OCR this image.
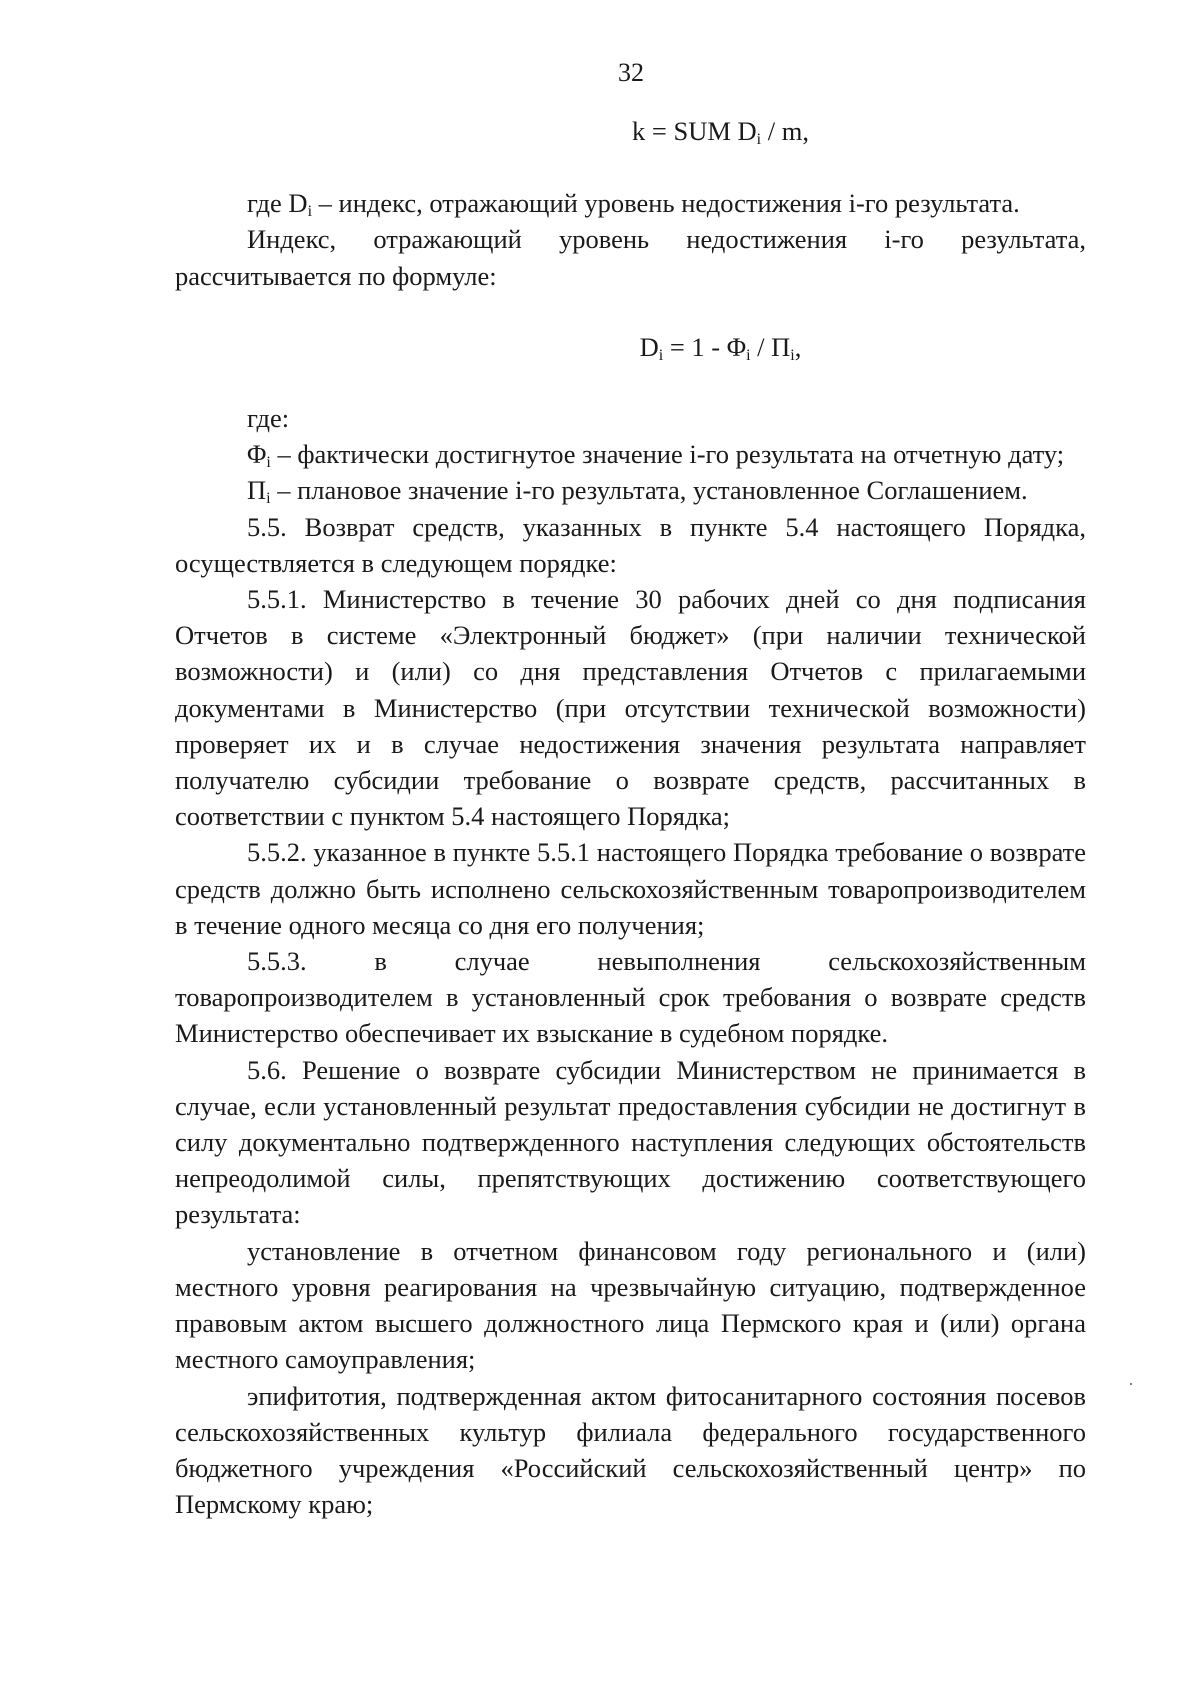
32
k = SUM $D_i$ / m,

где $D_i$ – индекс, отражающий уровень недостижения i-го результата.

Индекс, отражающий уровень недостижения i-го результата, рассчитывается по формуле:

$D_i = 1 - \Phi_i / П_i$,

где:

$\Phi_i$ – фактически достигнутое значение i-го результата на отчетную дату;

$П_i$ – плановое значение i-го результата, установленное Соглашением.

5.5. Возврат средств, указанных в пункте 5.4 настоящего Порядка, осуществляется в следующем порядке:

5.5.1. Министерство в течение 30 рабочих дней со дня подписания Отчетов в системе «Электронный бюджет» (при наличии технической возможности) и (или) со дня представления Отчетов с прилагаемыми документами в Министерство (при отсутствии технической возможности) проверяет их и в случае недостижения значения результата направляет получателю субсидии требование о возврате средств, рассчитанных в соответствии с пунктом 5.4 настоящего Порядка;

5.5.2. указанное в пункте 5.5.1 настоящего Порядка требование о возврате средств должно быть исполнено сельскохозяйственным товаропроизводителем в течение одного месяца со дня его получения;

5.5.3. в случае невыполнения сельскохозяйственным товаропроизводителем в установленный срок требования о возврате средств Министерство обеспечивает их взыскание в судебном порядке.

5.6. Решение о возврате субсидии Министерством не принимается в случае, если установленный результат предоставления субсидии не достигнут в силу документально подтвержденного наступления следующих обстоятельств непреодолимой силы, препятствующих достижению соответствующего результата:

установление в отчетном финансовом году регионального и (или) местного уровня реагирования на чрезвычайную ситуацию, подтвержденное правовым актом высшего должностного лица Пермского края и (или) органа местного самоуправления;

эпифитотия, подтвержденная актом фитосанитарного состояния посевов сельскохозяйственных культур филиала федерального государственного бюджетного учреждения «Российский сельскохозяйственный центр» по Пермскому краю;
